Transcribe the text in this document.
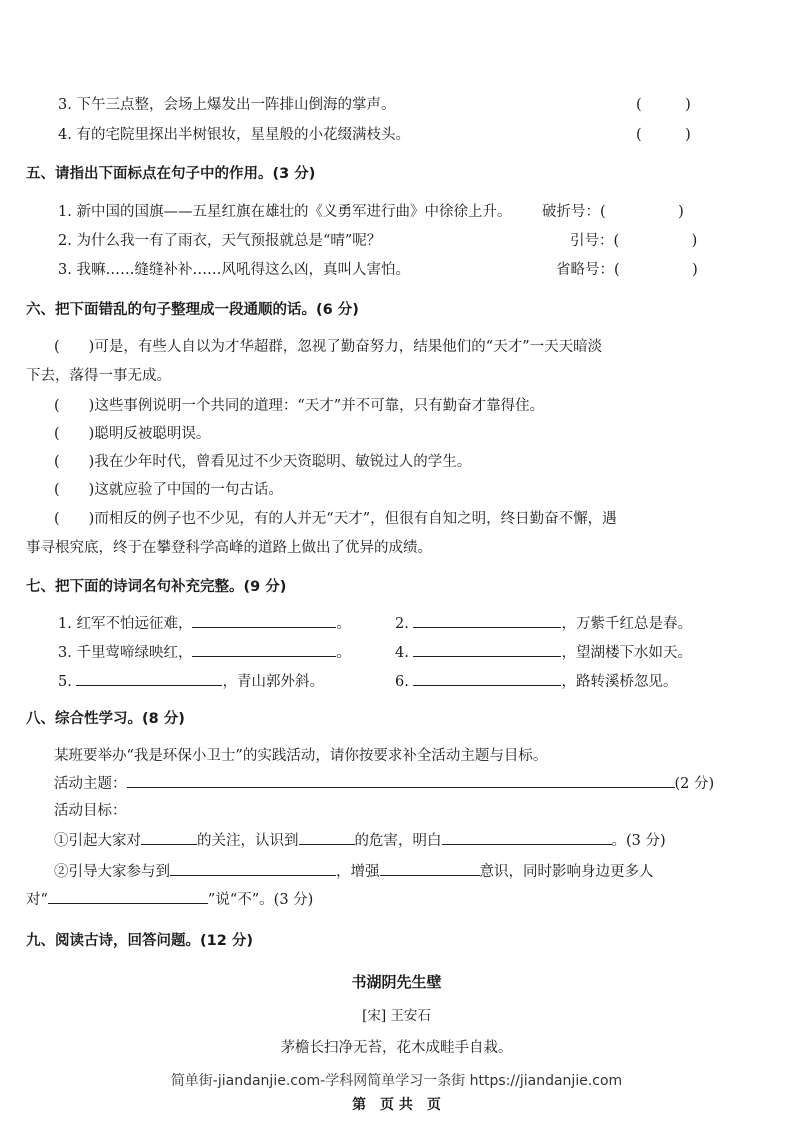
3. 下午三点整，会场上爆发出一阵排山倒海的掌声。	(　　　)
4. 有的宅院里探出半树银妆，星星般的小花缀满枝头。	(　　　)
五、请指出下面标点在句子中的作用。(3 分)
1. 新中国的国旗——五星红旗在雄壮的《义勇军进行曲》中徐徐上升。 破折号：(　　　　　)
2. 为什么我一有了雨衣，天气预报就总是“晴”呢？	引号：(　　　　　)
3. 我嘛……缝缝补补……风吼得这么凶，真叫人害怕。	省略号：(　　　　　)
六、把下面错乱的句子整理成一段通顺的话。(6 分)
(　　)可是，有些人自以为才华超群，忽视了勤奋努力，结果他们的“天才”一天天暗淡
下去，落得一事无成。
(　　)这些事例说明一个共同的道理：“天才”并不可靠，只有勤奋才靠得住。
(　　)聪明反被聪明误。
(　　)我在少年时代，曾看见过不少天资聪明、敏锐过人的学生。
(　　)这就应验了中国的一句古话。
(　　)而相反的例子也不少见，有的人并无“天才”，但很有自知之明，终日勤奋不懈，遇
事寻根究底，终于在攀登科学高峰的道路上做出了优异的成绩。
七、把下面的诗词名句补充完整。(9 分)
1. 红军不怕远征难，	。	2.	，万紫千红总是春。
3. 千里莺啼绿映红，	。	4.	，望湖楼下水如天。
5.	，青山郭外斜。	6.	，路转溪桥忽见。
八、综合性学习。(8 分)
某班要举办“我是环保小卫士”的实践活动，请你按要求补全活动主题与目标。
活动主题：	(2 分)
活动目标：
①引起大家对	的关注，认识到	的危害，明白	。(3 分)
②引导大家参与到	，增强	意识，同时影响身边更多人
对“	”说“不”。(3 分)
九、阅读古诗，回答问题。(12 分)
书湖阴先生壁
[宋] 王安石
茅檐长扫净无苔，花木成畦手自栽。
简单街-jiandanjie.com-学科网简单学习一条街 https://jiandanjie.com
第　页 共　页
